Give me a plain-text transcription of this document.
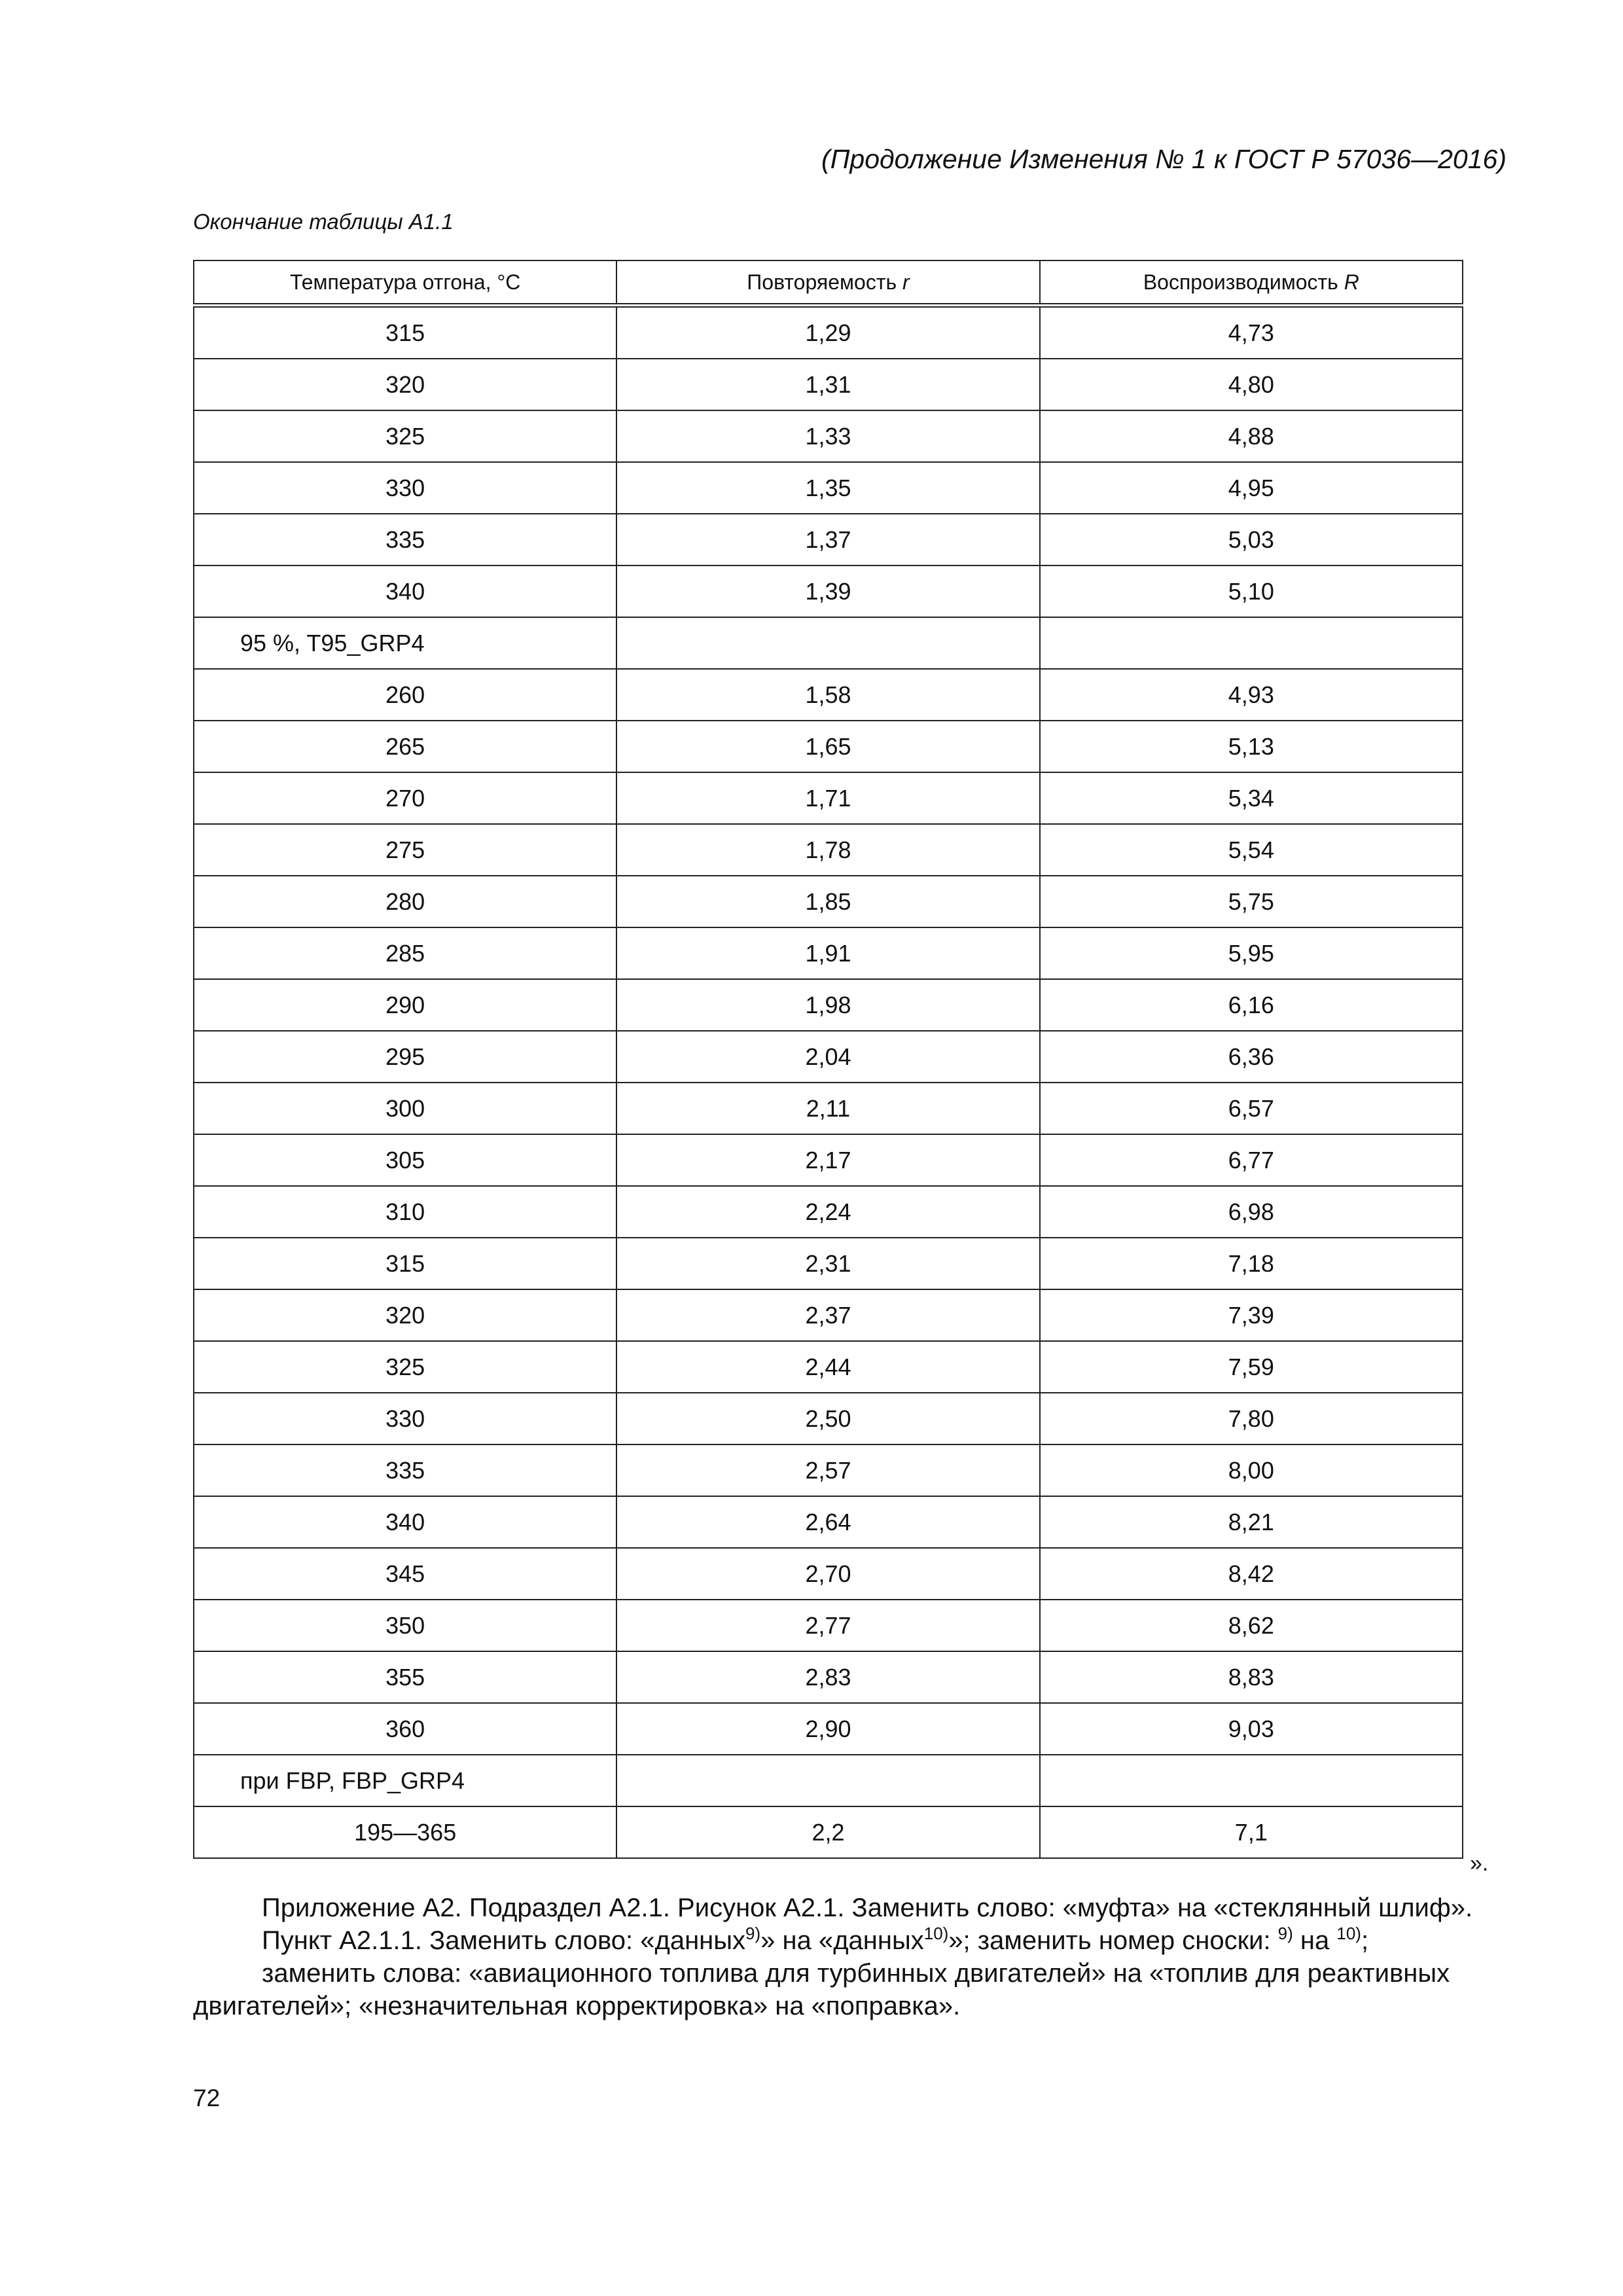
(Продолжение Изменения № 1 к ГОСТ Р 57036—2016)
Окончание таблицы А1.1
Температура отгона, °С	Повторяемость r	Воспроизводимость R
315	1,29	4,73
320	1,31	4,80
325	1,33	4,88
330	1,35	4,95
335	1,37	5,03
340	1,39	5,10
95 %, T95_GRP4		
260	1,58	4,93
265	1,65	5,13
270	1,71	5,34
275	1,78	5,54
280	1,85	5,75
285	1,91	5,95
290	1,98	6,16
295	2,04	6,36
300	2,11	6,57
305	2,17	6,77
310	2,24	6,98
315	2,31	7,18
320	2,37	7,39
325	2,44	7,59
330	2,50	7,80
335	2,57	8,00
340	2,64	8,21
345	2,70	8,42
350	2,77	8,62
355	2,83	8,83
360	2,90	9,03
при FBP, FBP_GRP4		
195—365	2,2	7,1
».
Приложение А2. Подраздел А2.1. Рисунок А2.1. Заменить слово: «муфта» на «стеклянный шлиф».
Пункт А2.1.1. Заменить слово: «данных$^{9)}$» на «данных$^{10)}$»; заменить номер сноски: $^{9)}$ на $^{10)}$;
заменить слова: «авиационного топлива для турбинных двигателей» на «топлив для реактивных
двигателей»; «незначительная корректировка» на «поправка».
72
